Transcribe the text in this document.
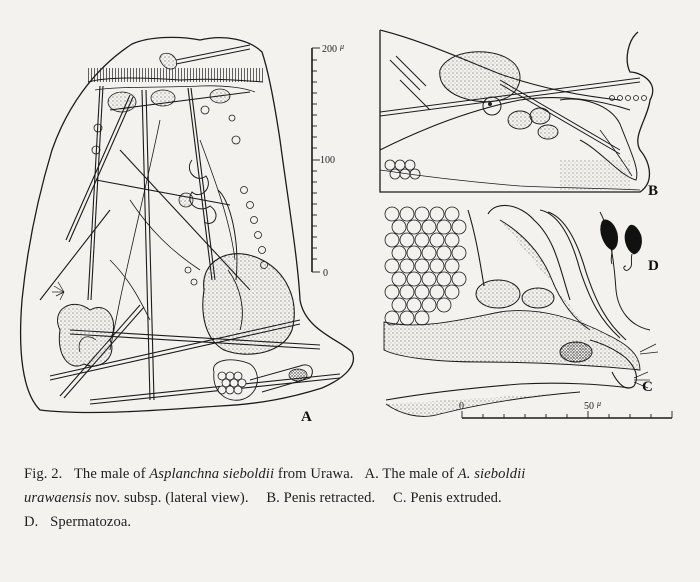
200 μ
100
0
A
B
0	50 μ
C
D
Fig. 2. The male of Asplanchna sieboldii from Urawa. A. The male of A. sieboldii
urawaensis nov. subsp. (lateral view). B. Penis retracted. C. Penis extruded.
D. Spermatozoa.
